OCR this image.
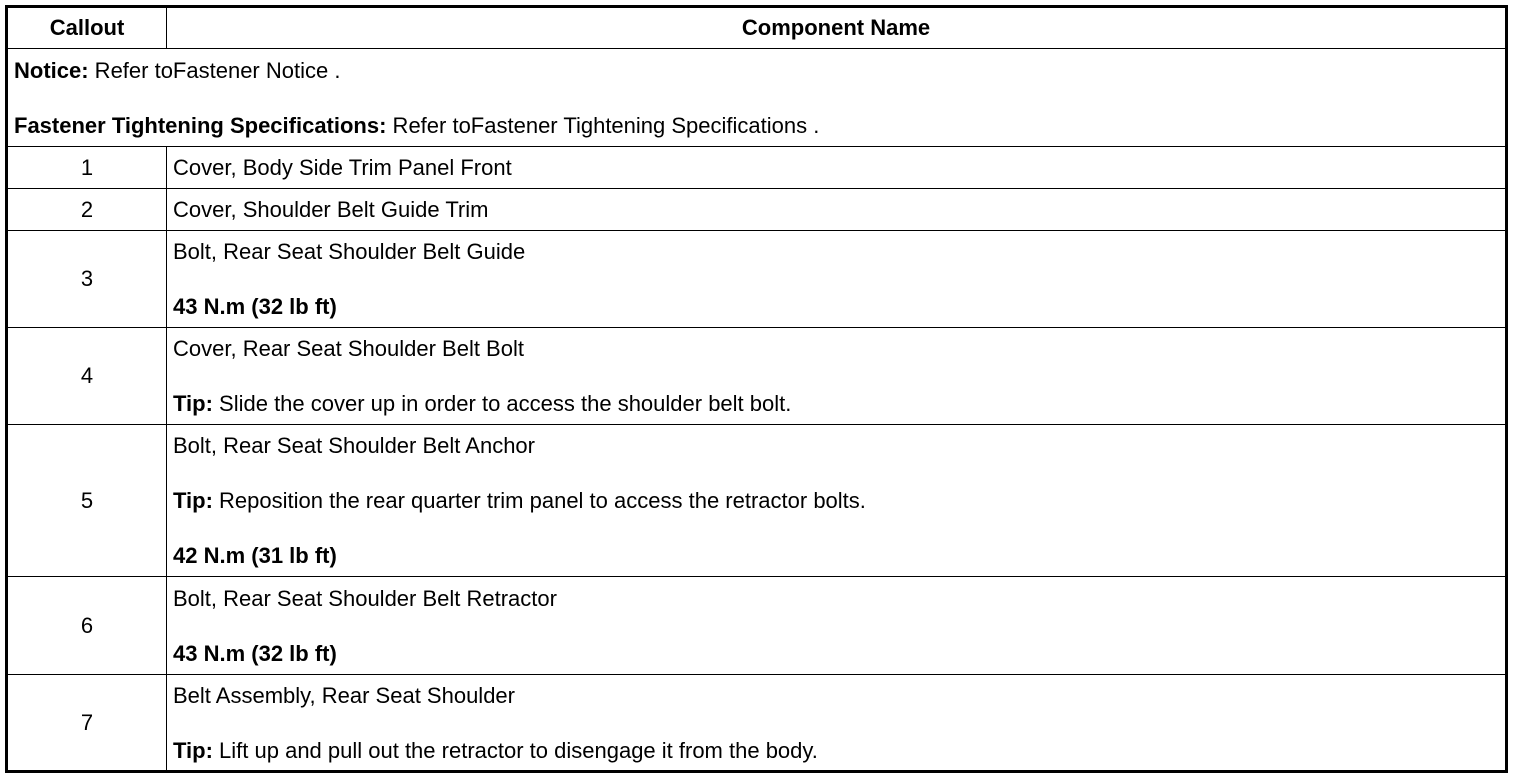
Callout	Component Name

Notice: Refer toFastener Notice .
Fastener Tightening Specifications: Refer toFastener Tightening Specifications .	

1	Cover, Body Side Trim Panel Front

2	Cover, Shoulder Belt Guide Trim

3	Bolt, Rear Seat Shoulder Belt Guide
43 N.m (32 lb ft)

4	Cover, Rear Seat Shoulder Belt Bolt
Tip: Slide the cover up in order to access the shoulder belt bolt.

5	Bolt, Rear Seat Shoulder Belt Anchor
Tip: Reposition the rear quarter trim panel to access the retractor bolts.
42 N.m (31 lb ft)

6	Bolt, Rear Seat Shoulder Belt Retractor
43 N.m (32 lb ft)

7	Belt Assembly, Rear Seat Shoulder
Tip: Lift up and pull out the retractor to disengage it from the body.
